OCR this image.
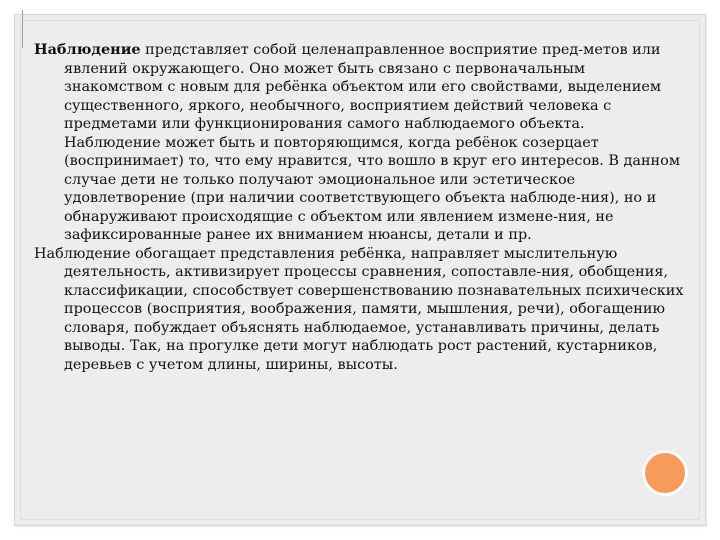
Наблюдение представляет собой целенаправленное восприятие пред-метов или явлений окружающего. Оно может быть связано с первоначальным знакомством с новым для ребёнка объектом или его свойствами, выделением существенного, яркого, необычного, восприятием действий человека с предметами или функционирования самого наблюдаемого объекта. Наблюдение может быть и повторяющимся, когда ребёнок созерцает (воспринимает) то, что ему нравится, что вошло в круг его интересов. В данном случае дети не только получают эмоциональное или эстетическое удовлетворение (при наличии соответствующего объекта наблюде-ния), но и обнаруживают происходящие с объектом или явлением измене-ния, не зафиксированные ранее их вниманием нюансы, детали и пр.

Наблюдение обогащает представления ребёнка, направляет мыслительную деятельность, активизирует процессы сравнения, сопоставле-ния, обобщения, классификации, способствует совершенствованию познавательных психических процессов (восприятия, воображения, памяти, мышления, речи), обогащению словаря, побуждает объяснять наблюдаемое, устанавливать причины, делать выводы. Так, на прогулке дети могут наблюдать рост растений, кустарников, деревьев с учетом длины, ширины, высоты.
